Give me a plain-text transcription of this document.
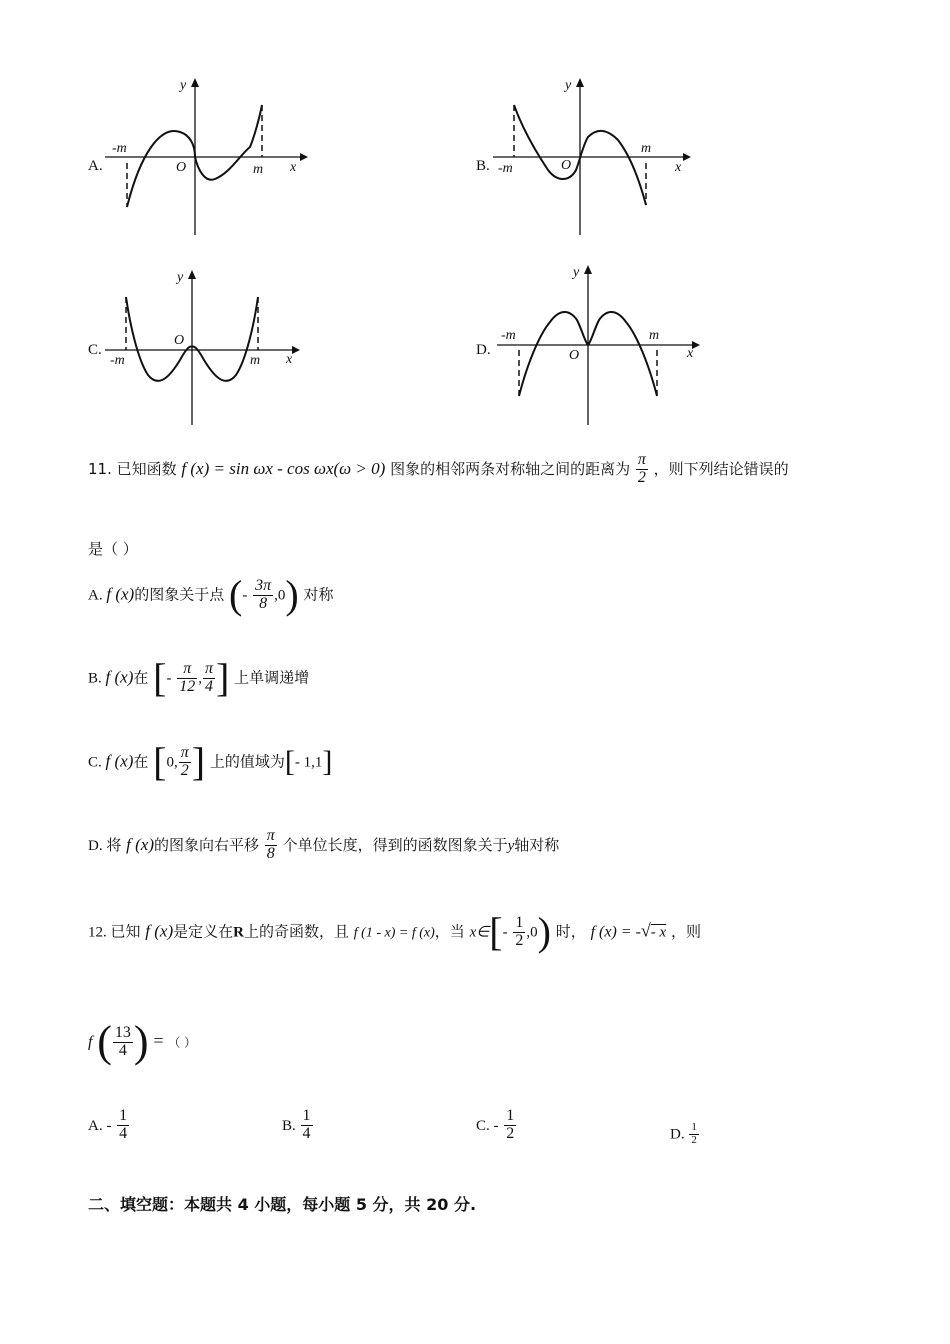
A.
-m
m
O	x
y
B. -m
m
O	x
y
C.
-m	m
O
x
y
D.
-m	m
O	x
y
11. 已知函数 f (x) = sin ωx - cos ωx(ω > 0) 图象的相邻两条对称轴之间的距离为 $\frac{\pi}{2}$ ，则下列结论错误的
是（ ）
A. f (x)的图象关于点 (- $\frac{3\pi}{8} ,0$) 对称
B. f (x)在 [- $\frac{\pi}{12}$ , $\frac{\pi}{4}$ ] 上单调递增
C. f (x)在 [0, $\frac{\pi}{2}$ ] 上的值域为[- 1,1]
D. 将 f (x)的图象向右平移 $\frac{\pi}{8}$ 个单位长度，得到的函数图象关于y轴对称
12. 已知 f (x)是定义在R上的奇函数，且 f (1 - x) = f (x)，当 x∈[- $\frac{1}{2} ,0$) 时， f (x) = -√- x ，则
f ( $\frac{13}{4}$ ) = （ ）
A. - $\frac{1}{4}$	B. $\frac{1}{4}$	C. - $\frac{1}{2}$	D. $\frac{1}{2}$
二、填空题：本题共 4 小题，每小题 5 分，共 20 分.
